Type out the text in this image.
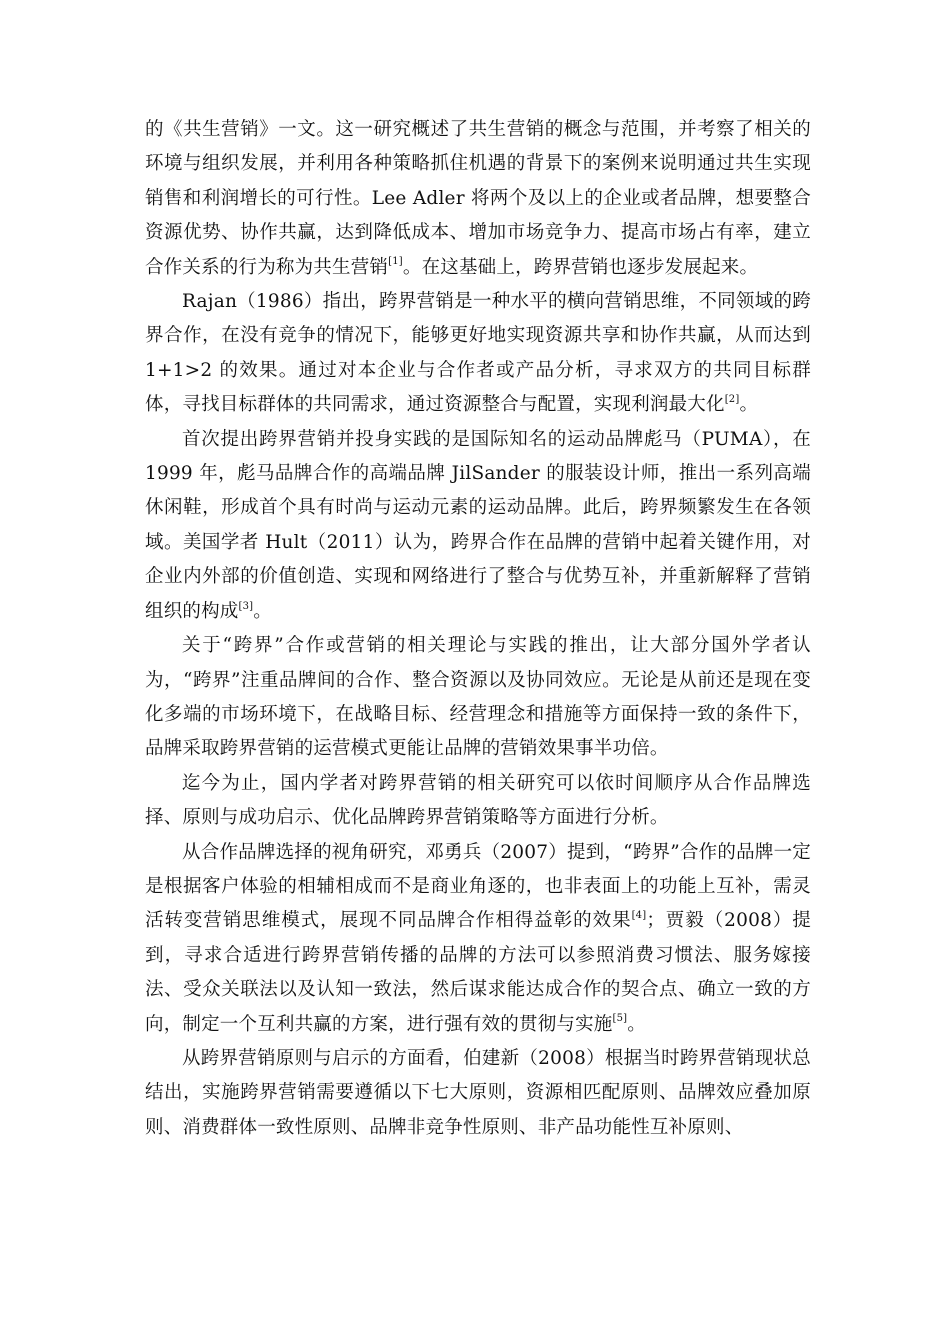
的《共生营销》一文。这一研究概述了共生营销的概念与范围，并考察了相关的环境与组织发展，并利用各种策略抓住机遇的背景下的案例来说明通过共生实现销售和利润增长的可行性。Lee Adler 将两个及以上的企业或者品牌，想要整合资源优势、协作共赢，达到降低成本、增加市场竞争力、提高市场占有率，建立合作关系的行为称为共生营销[1]。在这基础上，跨界营销也逐步发展起来。

Rajan（1986）指出，跨界营销是一种水平的横向营销思维，不同领域的跨界合作，在没有竞争的情况下，能够更好地实现资源共享和协作共赢，从而达到 1+1>2 的效果。通过对本企业与合作者或产品分析，寻求双方的共同目标群体，寻找目标群体的共同需求，通过资源整合与配置，实现利润最大化[2]。

首次提出跨界营销并投身实践的是国际知名的运动品牌彪马（PUMA），在 1999 年，彪马品牌合作的高端品牌 JilSander 的服装设计师，推出一系列高端休闲鞋，形成首个具有时尚与运动元素的运动品牌。此后，跨界频繁发生在各领域。美国学者 Hult（2011）认为，跨界合作在品牌的营销中起着关键作用，对企业内外部的价值创造、实现和网络进行了整合与优势互补，并重新解释了营销组织的构成[3]。

关于“跨界”合作或营销的相关理论与实践的推出，让大部分国外学者认为，“跨界”注重品牌间的合作、整合资源以及协同效应。无论是从前还是现在变化多端的市场环境下，在战略目标、经营理念和措施等方面保持一致的条件下，品牌采取跨界营销的运营模式更能让品牌的营销效果事半功倍。

迄今为止，国内学者对跨界营销的相关研究可以依时间顺序从合作品牌选择、原则与成功启示、优化品牌跨界营销策略等方面进行分析。

从合作品牌选择的视角研究，邓勇兵（2007）提到，“跨界”合作的品牌一定是根据客户体验的相辅相成而不是商业角逐的，也非表面上的功能上互补，需灵活转变营销思维模式，展现不同品牌合作相得益彰的效果[4]；贾毅（2008）提到，寻求合适进行跨界营销传播的品牌的方法可以参照消费习惯法、服务嫁接法、受众关联法以及认知一致法，然后谋求能达成合作的契合点、确立一致的方向，制定一个互利共赢的方案，进行强有效的贯彻与实施[5]。

从跨界营销原则与启示的方面看，伯建新（2008）根据当时跨界营销现状总结出，实施跨界营销需要遵循以下七大原则，资源相匹配原则、品牌效应叠加原则、消费群体一致性原则、品牌非竞争性原则、非产品功能性互补原则、
